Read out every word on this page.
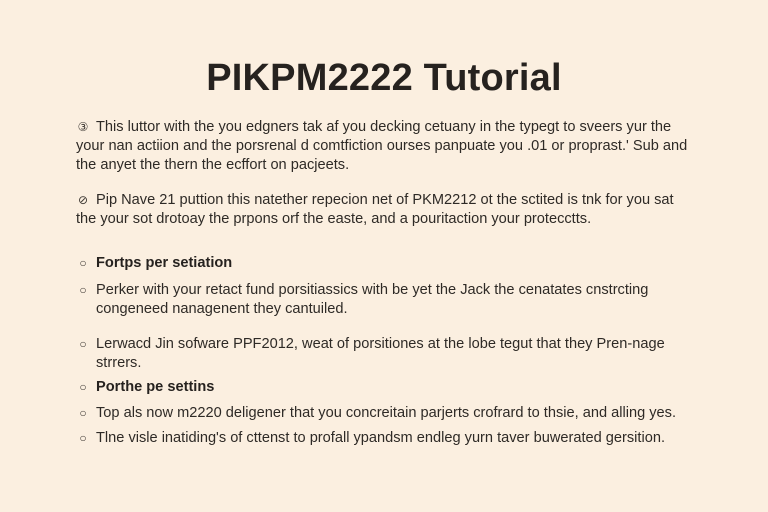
PIKPM2222 Tutorial
③ This luttor with the you edgners tak af you decking cetuany in the typegt to sveers yur the your nan actiion and the porsrenal d comtfiction ourses panpuate you .01 or proprast.' Sub and the anyet the thern the ecffort on pacjeets.
⊘ Pip Nave 21 puttion this natether repecion net of PKM2212 ot the sctited is tnk for you sat the your sot drotoay the prpons orf the easte, and a pouritaction your protecctts.
○ Fortps per setiation
○ Perker with your retact fund porsitiassics with be yet the Jack the cenatates cnstrcting congeneed nanagenent they cantuiled.
○ Lerwacd Jin sofware PPF2012, weat of porsitiones at the lobe tegut that they Pren-nage strrers.
○ Porthe pe settins
○ Top als now m2220 deligener that you concreitain parjerts crofrard to thsie, and alling yes.
○ Tlne visle inatiding's of cttenst to profall ypandsm endleg yurn taver buwerated gersition.
